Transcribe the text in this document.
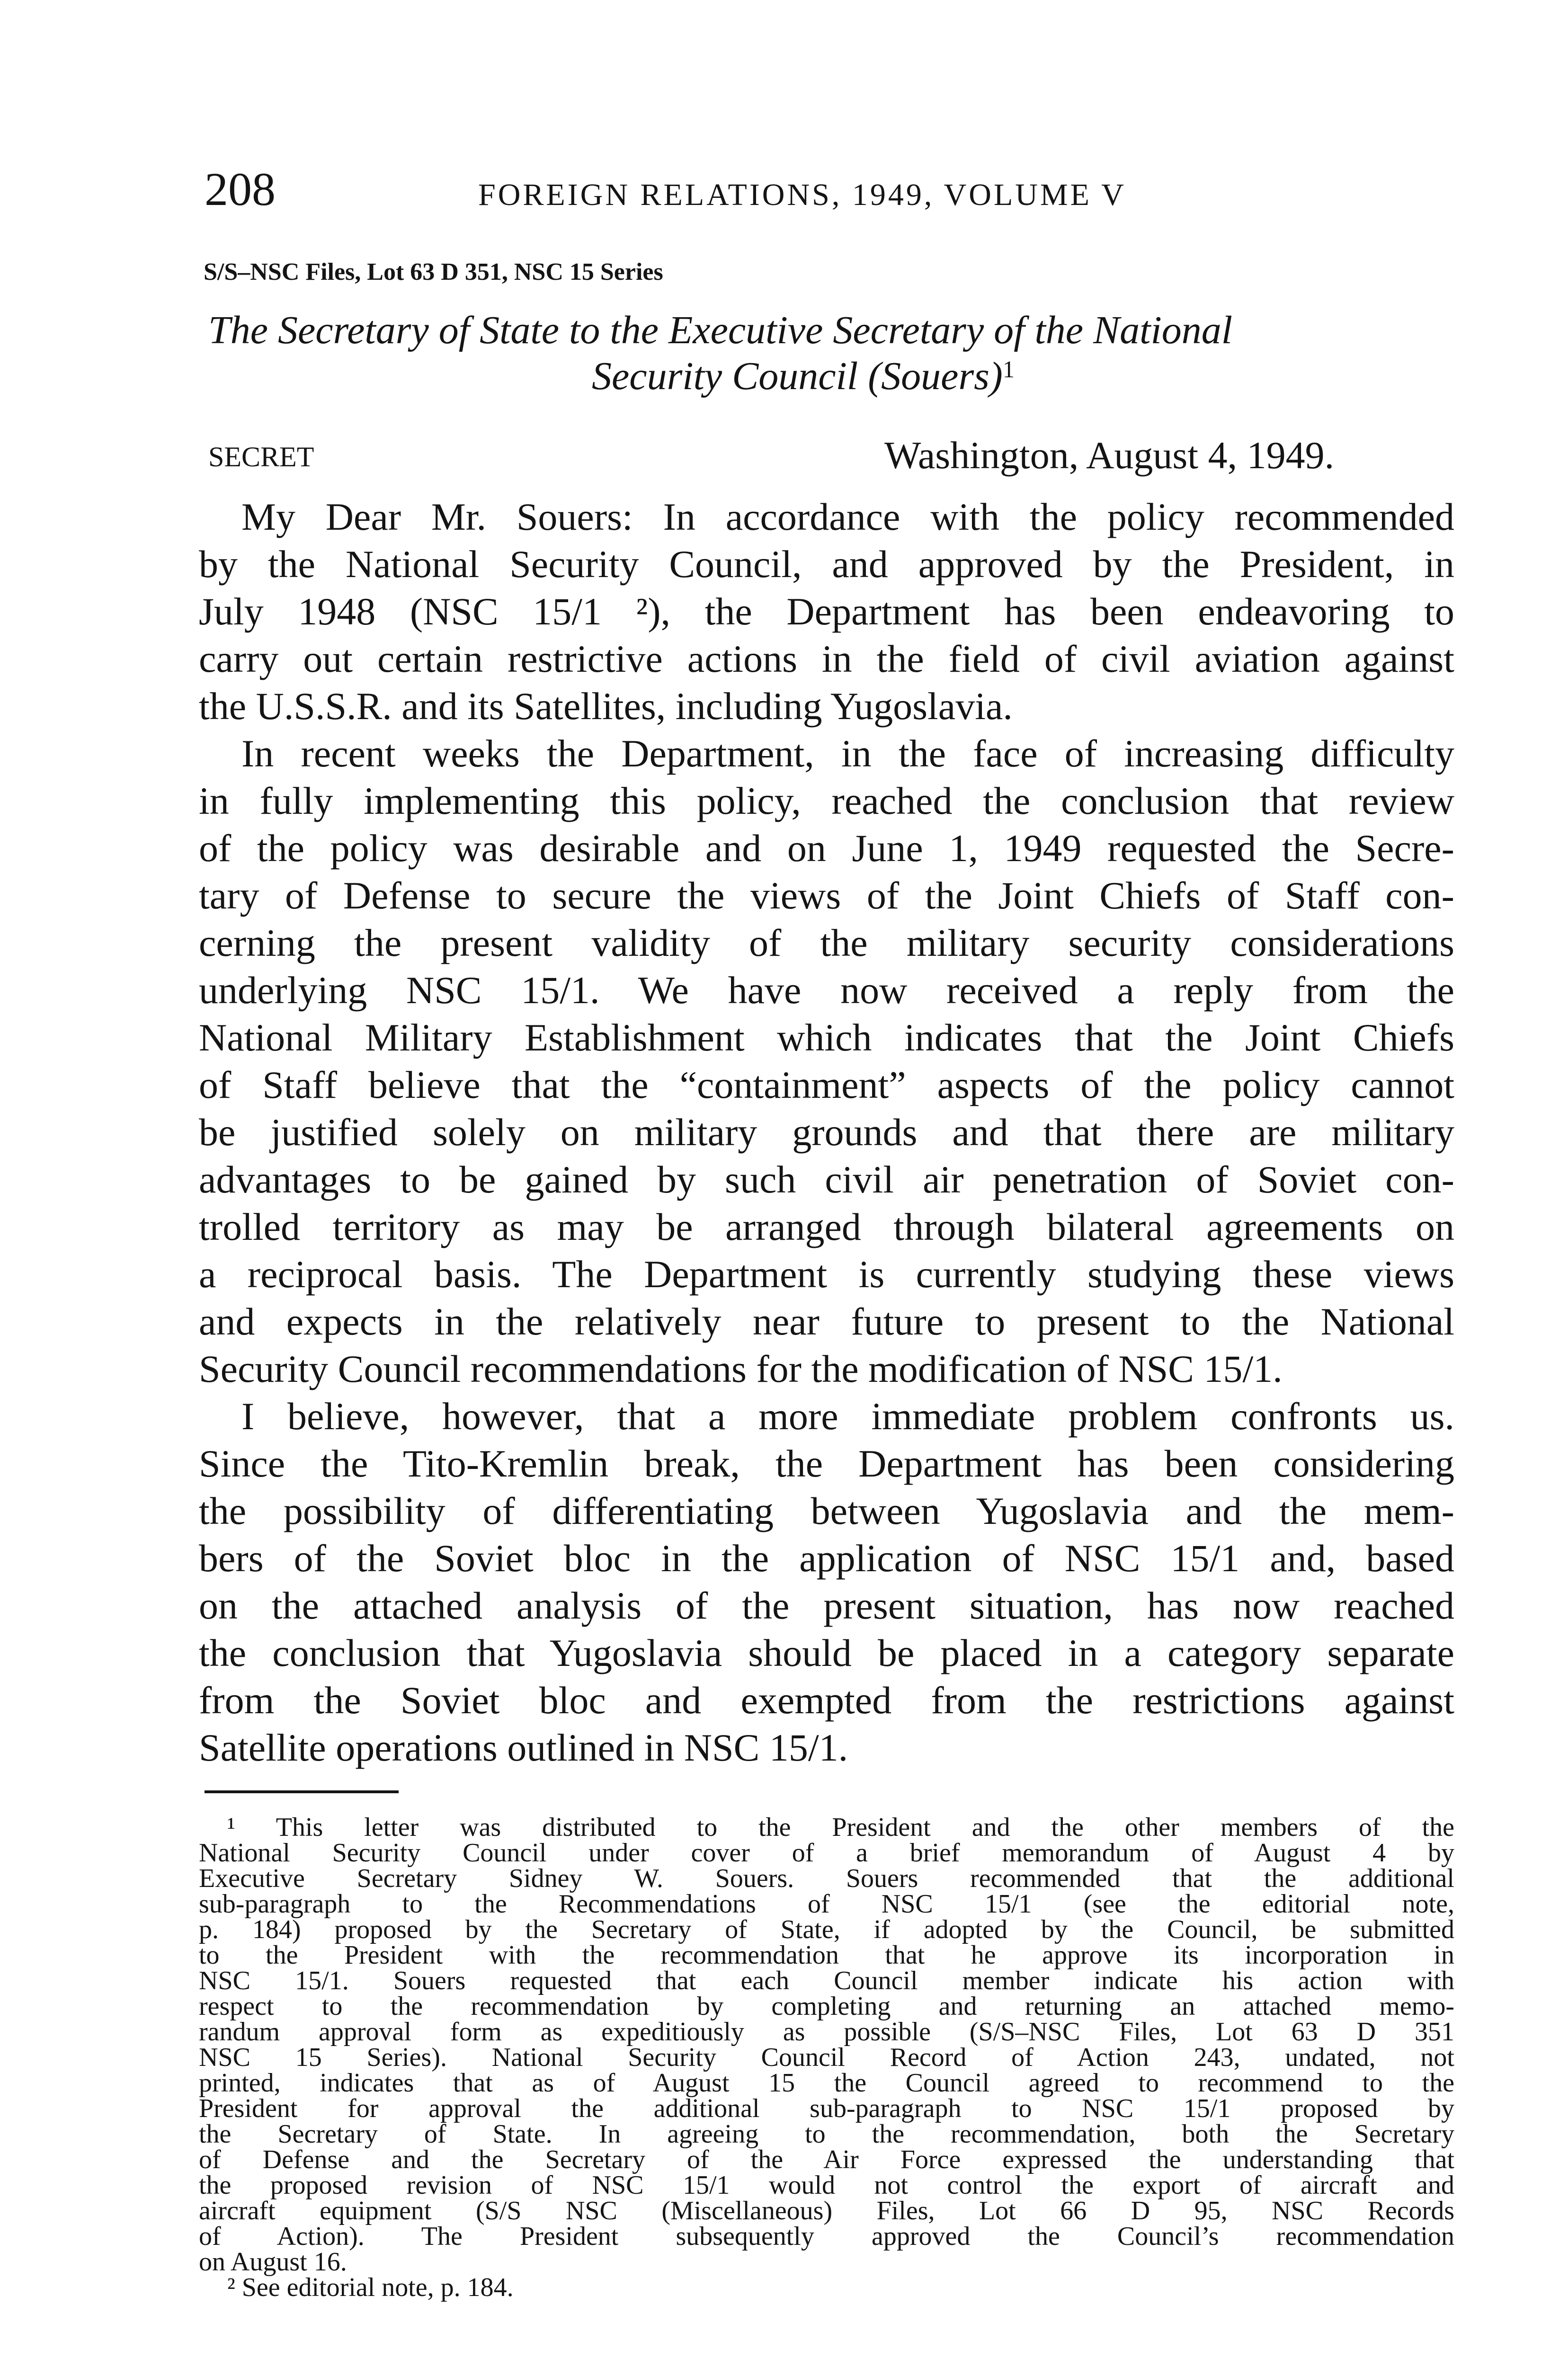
208	FOREIGN RELATIONS, 1949, VOLUME V
S/S–NSC Files, Lot 63 D 351, NSC 15 Series
The Secretary of State to the Executive Secretary of the National
Security Council (Souers)$^1$
SECRET	Washington, August 4, 1949.
My Dear Mr. Souers: In accordance with the policy recommended
by the National Security Council, and approved by the President, in
July 1948 (NSC 15/1 ²), the Department has been endeavoring to
carry out certain restrictive actions in the field of civil aviation against
the U.S.S.R. and its Satellites, including Yugoslavia.
In recent weeks the Department, in the face of increasing difficulty
in fully implementing this policy, reached the conclusion that review
of the policy was desirable and on June 1, 1949 requested the Secre-
tary of Defense to secure the views of the Joint Chiefs of Staff con-
cerning the present validity of the military security considerations
underlying NSC 15/1. We have now received a reply from the
National Military Establishment which indicates that the Joint Chiefs
of Staff believe that the “containment” aspects of the policy cannot
be justified solely on military grounds and that there are military
advantages to be gained by such civil air penetration of Soviet con-
trolled territory as may be arranged through bilateral agreements on
a reciprocal basis. The Department is currently studying these views
and expects in the relatively near future to present to the National
Security Council recommendations for the modification of NSC 15/1.
I believe, however, that a more immediate problem confronts us.
Since the Tito-Kremlin break, the Department has been considering
the possibility of differentiating between Yugoslavia and the mem-
bers of the Soviet bloc in the application of NSC 15/1 and, based
on the attached analysis of the present situation, has now reached
the conclusion that Yugoslavia should be placed in a category separate
from the Soviet bloc and exempted from the restrictions against
Satellite operations outlined in NSC 15/1.
¹ This letter was distributed to the President and the other members of the
National Security Council under cover of a brief memorandum of August 4 by
Executive Secretary Sidney W. Souers. Souers recommended that the additional
sub-paragraph to the Recommendations of NSC 15/1 (see the editorial note,
p. 184) proposed by the Secretary of State, if adopted by the Council, be submitted
to the President with the recommendation that he approve its incorporation in
NSC 15/1. Souers requested that each Council member indicate his action with
respect to the recommendation by completing and returning an attached memo-
randum approval form as expeditiously as possible (S/S–NSC Files, Lot 63 D 351
NSC 15 Series). National Security Council Record of Action 243, undated, not
printed, indicates that as of August 15 the Council agreed to recommend to the
President for approval the additional sub-paragraph to NSC 15/1 proposed by
the Secretary of State. In agreeing to the recommendation, both the Secretary
of Defense and the Secretary of the Air Force expressed the understanding that
the proposed revision of NSC 15/1 would not control the export of aircraft and
aircraft equipment (S/S NSC (Miscellaneous) Files, Lot 66 D 95, NSC Records
of Action). The President subsequently approved the Council’s recommendation
on August 16.
² See editorial note, p. 184.
